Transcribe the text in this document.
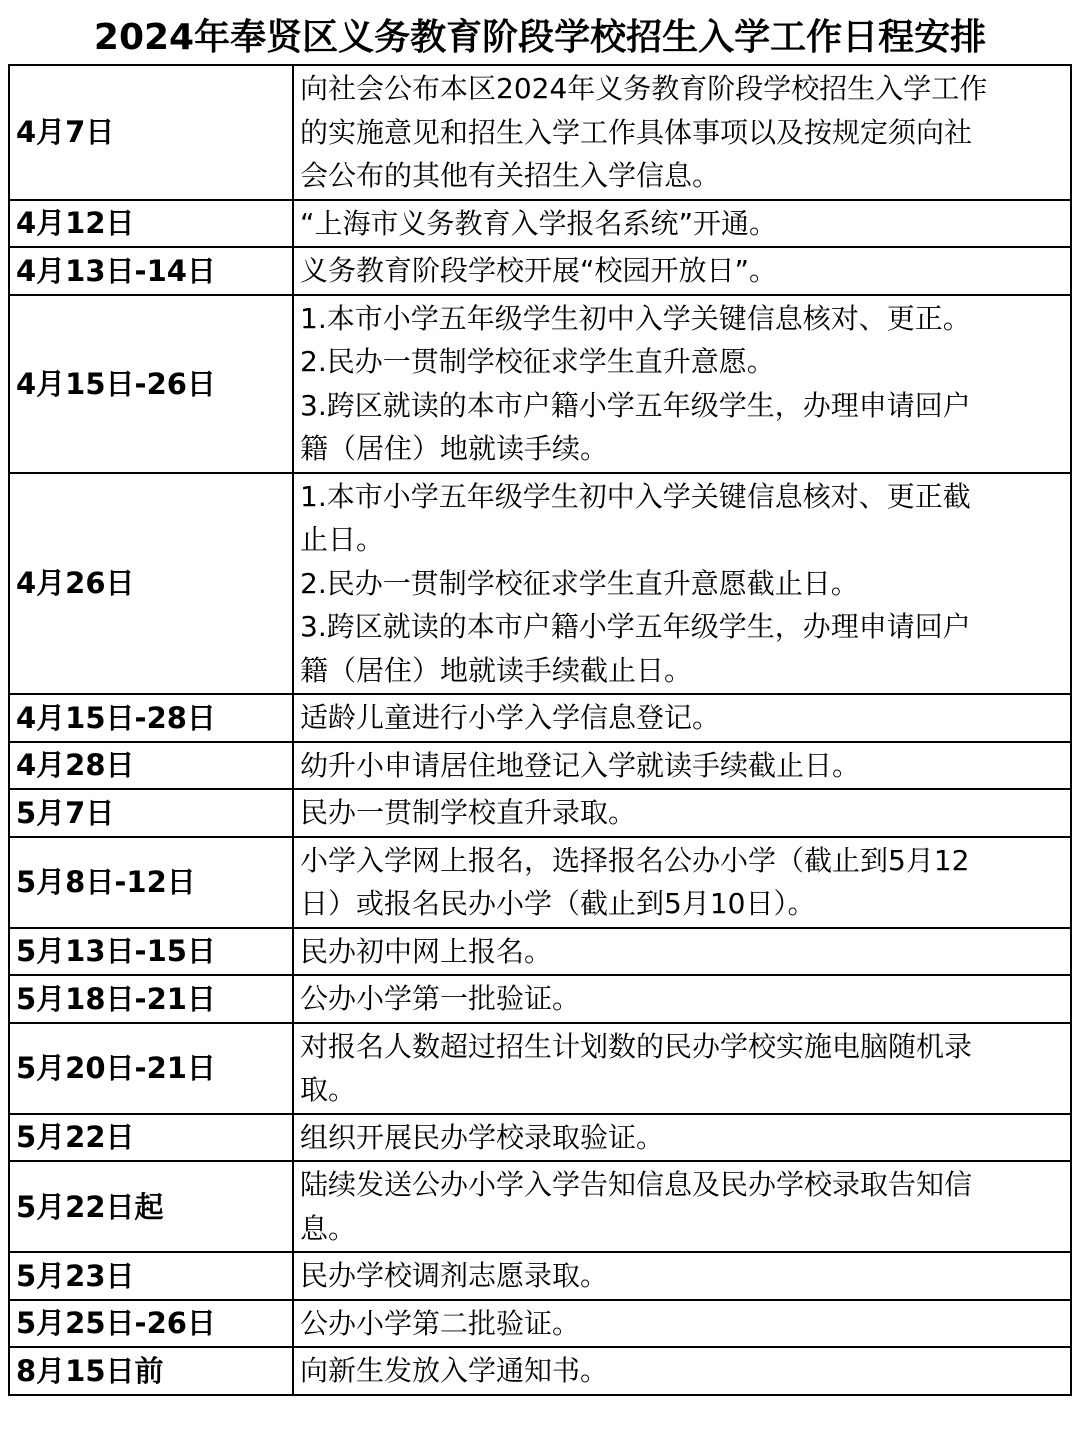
2024年奉贤区义务教育阶段学校招生入学工作日程安排
4月7日	向社会公布本区2024年义务教育阶段学校招生入学工作
的实施意见和招生入学工作具体事项以及按规定须向社
会公布的其他有关招生入学信息。

4月12日	“上海市义务教育入学报名系统”开通。

4月13日-14日	义务教育阶段学校开展“校园开放日”。

4月15日-26日	1.本市小学五年级学生初中入学关键信息核对、更正。
2.民办一贯制学校征求学生直升意愿。
3.跨区就读的本市户籍小学五年级学生，办理申请回户
籍（居住）地就读手续。

4月26日	1.本市小学五年级学生初中入学关键信息核对、更正截
止日。
2.民办一贯制学校征求学生直升意愿截止日。
3.跨区就读的本市户籍小学五年级学生，办理申请回户
籍（居住）地就读手续截止日。

4月15日-28日	适龄儿童进行小学入学信息登记。

4月28日	幼升小申请居住地登记入学就读手续截止日。

5月7日	民办一贯制学校直升录取。

5月8日-12日	小学入学网上报名，选择报名公办小学（截止到5月12
日）或报名民办小学（截止到5月10日）。

5月13日-15日	民办初中网上报名。

5月18日-21日	公办小学第一批验证。

5月20日-21日	对报名人数超过招生计划数的民办学校实施电脑随机录
取。

5月22日	组织开展民办学校录取验证。

5月22日起	陆续发送公办小学入学告知信息及民办学校录取告知信
息。

5月23日	民办学校调剂志愿录取。

5月25日-26日	公办小学第二批验证。

8月15日前	向新生发放入学通知书。
